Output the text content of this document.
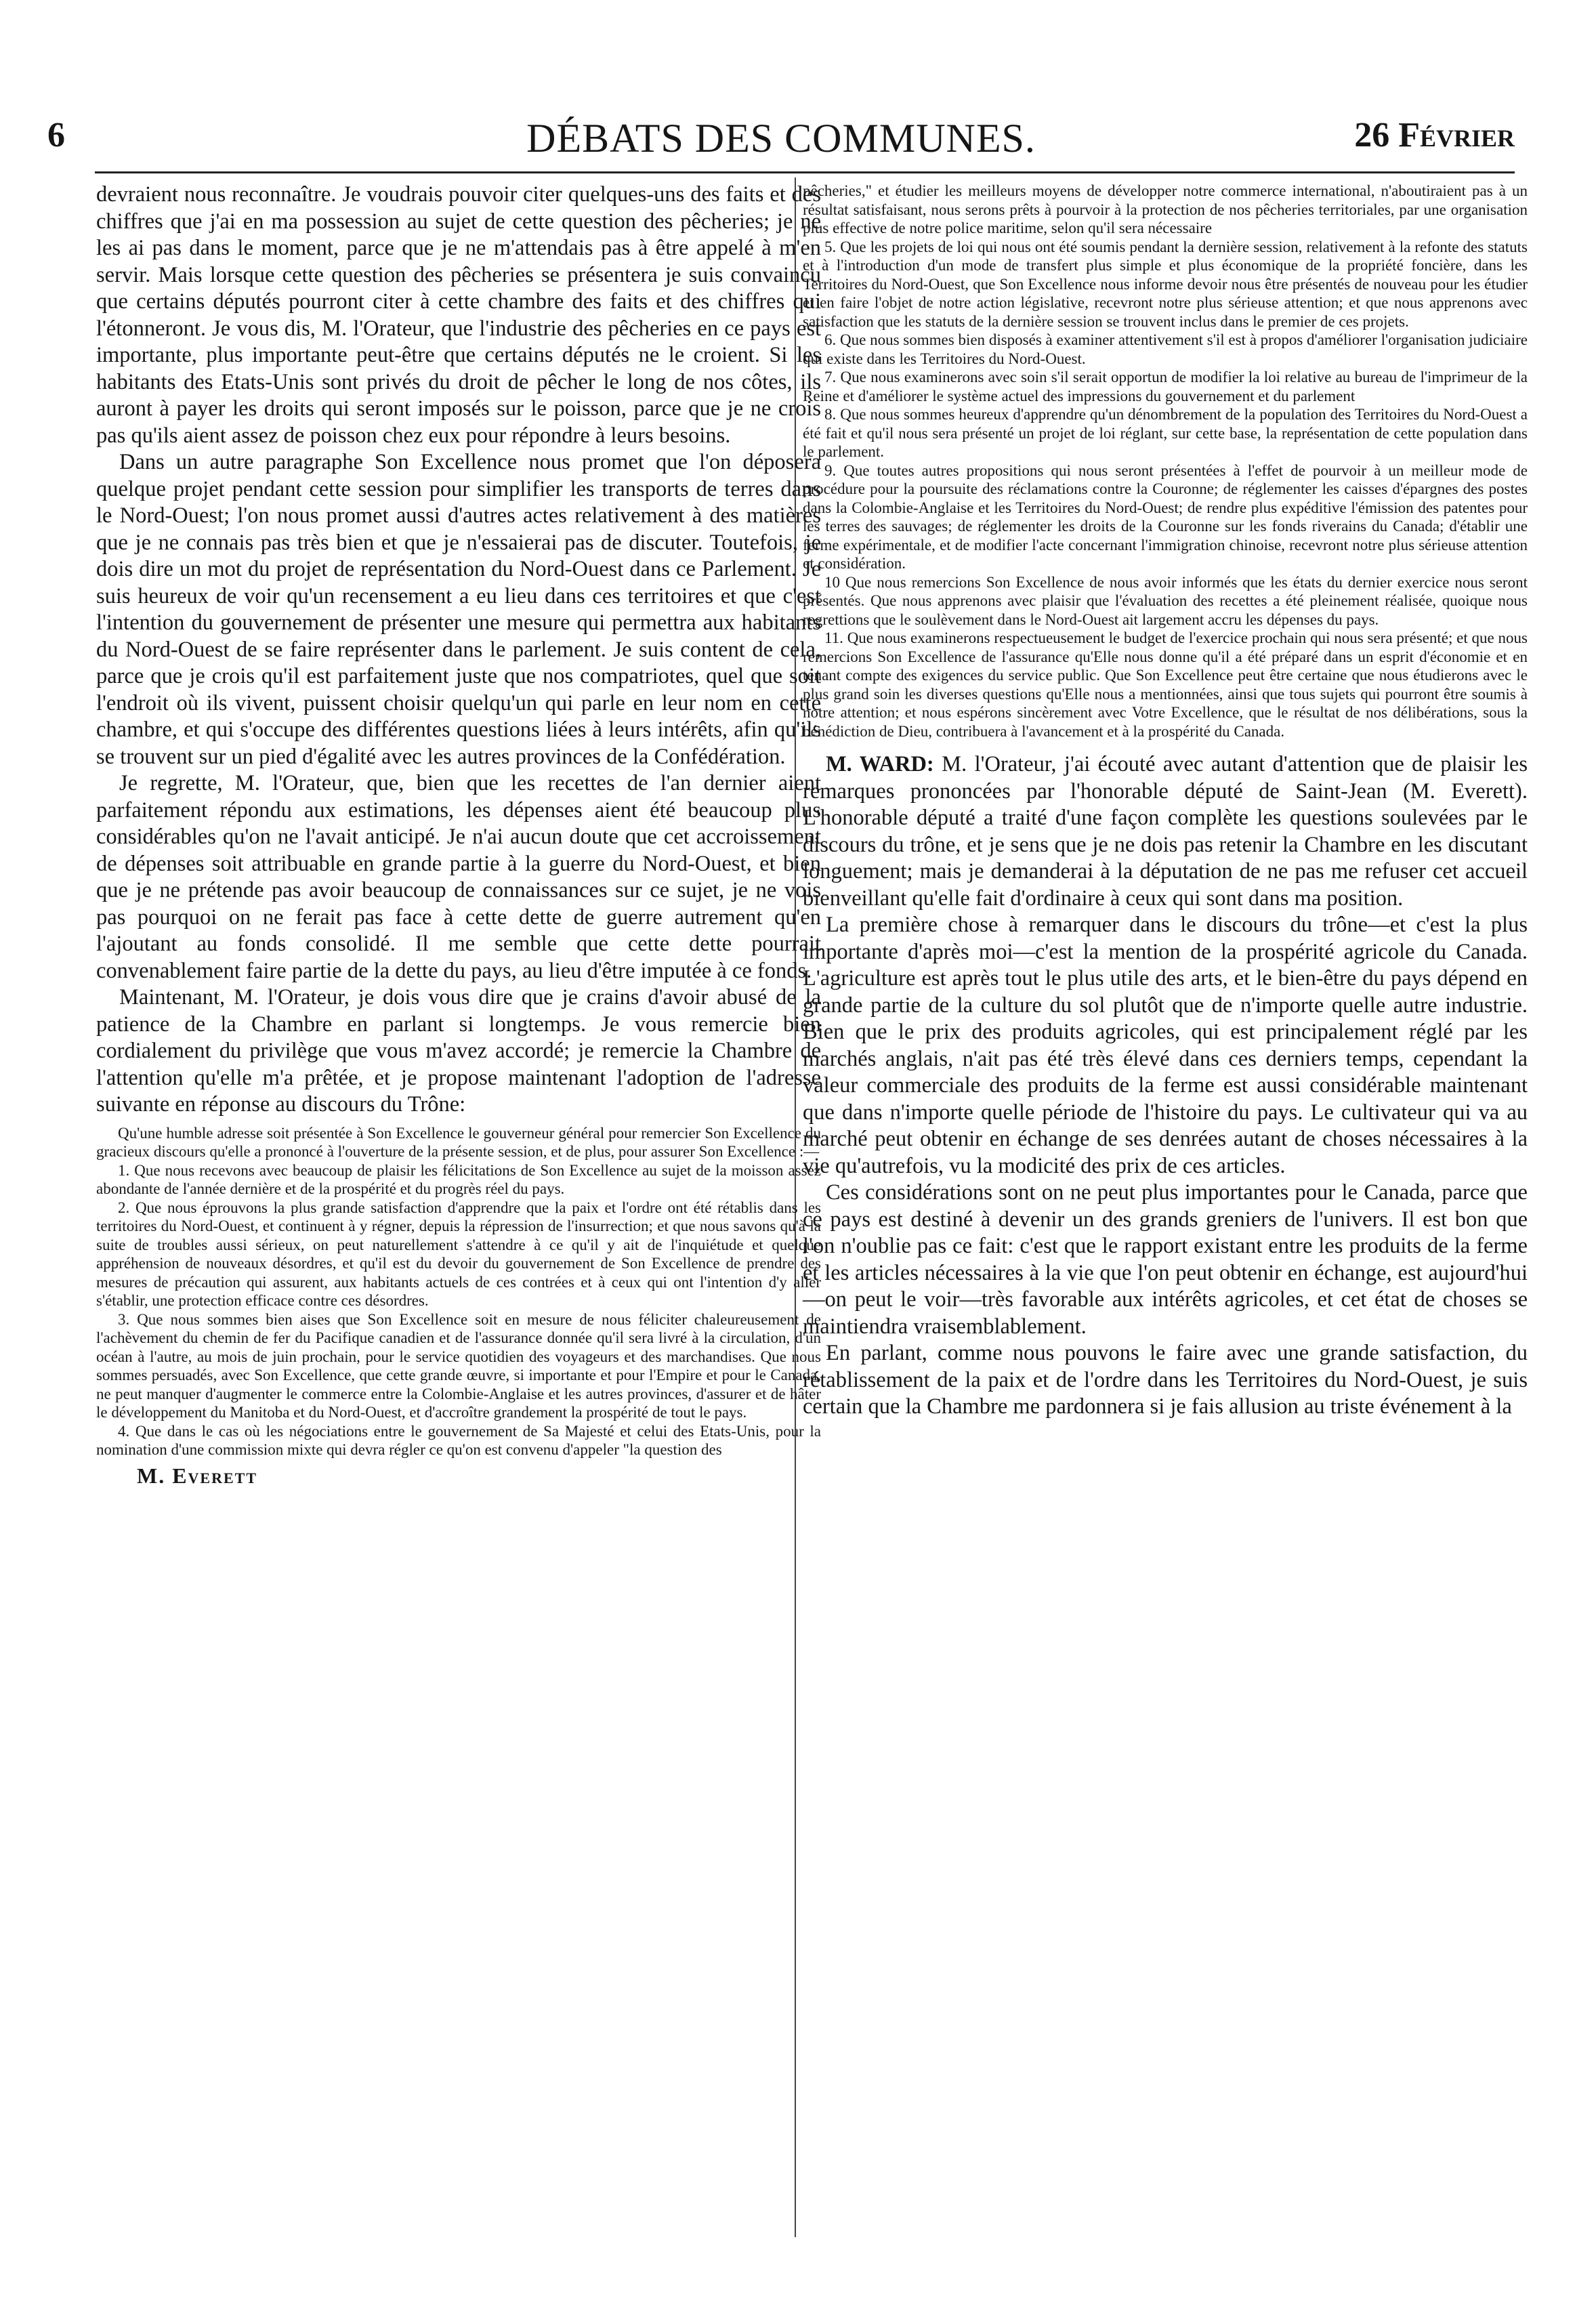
6	DÉBATS DES COMMUNES.	26 Février

devraient nous reconnaître. Je voudrais pouvoir citer quelques-uns des faits et des chiffres que j'ai en ma possession au sujet de cette question des pêcheries; je ne les ai pas dans le moment, parce que je ne m'attendais pas à être appelé à m'en servir. Mais lorsque cette question des pêcheries se présentera je suis convaincu que certains députés pourront citer à cette chambre des faits et des chiffres qui l'étonneront. Je vous dis, M. l'Orateur, que l'industrie des pêcheries en ce pays est importante, plus importante peut-être que certains députés ne le croient. Si les habitants des Etats-Unis sont privés du droit de pêcher le long de nos côtes, ils auront à payer les droits qui seront imposés sur le poisson, parce que je ne crois pas qu'ils aient assez de poisson chez eux pour répondre à leurs besoins.

Dans un autre paragraphe Son Excellence nous promet que l'on déposera quelque projet pendant cette session pour simplifier les transports de terres dans le Nord-Ouest; l'on nous promet aussi d'autres actes relativement à des matières que je ne connais pas très bien et que je n'essaierai pas de discuter. Toutefois, je dois dire un mot du projet de représentation du Nord-Ouest dans ce Parlement. Je suis heureux de voir qu'un recensement a eu lieu dans ces territoires et que c'est l'intention du gouvernement de présenter une mesure qui permettra aux habitants du Nord-Ouest de se faire représenter dans le parlement. Je suis content de cela, parce que je crois qu'il est parfaitement juste que nos compatriotes, quel que soit l'endroit où ils vivent, puissent choisir quelqu'un qui parle en leur nom en cette chambre, et qui s'occupe des différentes questions liées à leurs intérêts, afin qu'ils se trouvent sur un pied d'égalité avec les autres provinces de la Confédération.

Je regrette, M. l'Orateur, que, bien que les recettes de l'an dernier aient parfaitement répondu aux estimations, les dépenses aient été beaucoup plus considérables qu'on ne l'avait anticipé. Je n'ai aucun doute que cet accroissement de dépenses soit attribuable en grande partie à la guerre du Nord-Ouest, et bien que je ne prétende pas avoir beaucoup de connaissances sur ce sujet, je ne vois pas pourquoi on ne ferait pas face à cette dette de guerre autrement qu'en l'ajoutant au fonds consolidé. Il me semble que cette dette pourrait convenablement faire partie de la dette du pays, au lieu d'être imputée à ce fonds.

Maintenant, M. l'Orateur, je dois vous dire que je crains d'avoir abusé de la patience de la Chambre en parlant si longtemps. Je vous remercie bien cordialement du privilège que vous m'avez accordé; je remercie la Chambre de l'attention qu'elle m'a prêtée, et je propose maintenant l'adoption de l'adresse suivante en réponse au discours du Trône:

Qu'une humble adresse soit présentée à Son Excellence le gouverneur général pour remercier Son Excellence du gracieux discours qu'elle a prononcé à l'ouverture de la présente session, et de plus, pour assurer Son Excellence :—

1. Que nous recevons avec beaucoup de plaisir les félicitations de Son Excellence au sujet de la moisson assez abondante de l'année dernière et de la prospérité et du progrès réel du pays.

2. Que nous éprouvons la plus grande satisfaction d'apprendre que la paix et l'ordre ont été rétablis dans les territoires du Nord-Ouest, et continuent à y régner, depuis la répression de l'insurrection; et que nous savons qu'à la suite de troubles aussi sérieux, on peut naturellement s'attendre à ce qu'il y ait de l'inquiétude et quelque appréhension de nouveaux désordres, et qu'il est du devoir du gouvernement de Son Excellence de prendre des mesures de précaution qui assurent, aux habitants actuels de ces contrées et à ceux qui ont l'intention d'y aller s'établir, une protection efficace contre ces désordres.

3. Que nous sommes bien aises que Son Excellence soit en mesure de nous féliciter chaleureusement de l'achèvement du chemin de fer du Pacifique canadien et de l'assurance donnée qu'il sera livré à la circulation, d'un océan à l'autre, au mois de juin prochain, pour le service quotidien des voyageurs et des marchandises. Que nous sommes persuadés, avec Son Excellence, que cette grande œuvre, si importante et pour l'Empire et pour le Canada, ne peut manquer d'augmenter le commerce entre la Colombie-Anglaise et les autres provinces, d'assurer et de hâter le développement du Manitoba et du Nord-Ouest, et d'accroître grandement la prospérité de tout le pays.

4. Que dans le cas où les négociations entre le gouvernement de Sa Majesté et celui des Etats-Unis, pour la nomination d'une commission mixte qui devra régler ce qu'on est convenu d'appeler "la question des

M. Everett

pêcheries," et étudier les meilleurs moyens de développer notre commerce international, n'aboutiraient pas à un résultat satisfaisant, nous serons prêts à pourvoir à la protection de nos pêcheries territoriales, par une organisation plus effective de notre police maritime, selon qu'il sera nécessaire

5. Que les projets de loi qui nous ont été soumis pendant la dernière session, relativement à la refonte des statuts et à l'introduction d'un mode de transfert plus simple et plus économique de la propriété foncière, dans les Territoires du Nord-Ouest, que Son Excellence nous informe devoir nous être présentés de nouveau pour les étudier et en faire l'objet de notre action législative, recevront notre plus sérieuse attention; et que nous apprenons avec satisfaction que les statuts de la dernière session se trouvent inclus dans le premier de ces projets.

6. Que nous sommes bien disposés à examiner attentivement s'il est à propos d'améliorer l'organisation judiciaire qui existe dans les Territoires du Nord-Ouest.

7. Que nous examinerons avec soin s'il serait opportun de modifier la loi relative au bureau de l'imprimeur de la Reine et d'améliorer le système actuel des impressions du gouvernement et du parlement

8. Que nous sommes heureux d'apprendre qu'un dénombrement de la population des Territoires du Nord-Ouest a été fait et qu'il nous sera présenté un projet de loi réglant, sur cette base, la représentation de cette population dans le parlement.

9. Que toutes autres propositions qui nous seront présentées à l'effet de pourvoir à un meilleur mode de procédure pour la poursuite des réclamations contre la Couronne; de réglementer les caisses d'épargnes des postes dans la Colombie-Anglaise et les Territoires du Nord-Ouest; de rendre plus expéditive l'émission des patentes pour les terres des sauvages; de réglementer les droits de la Couronne sur les fonds riverains du Canada; d'établir une ferme expérimentale, et de modifier l'acte concernant l'immigration chinoise, recevront notre plus sérieuse attention et considération.

10 Que nous remercions Son Excellence de nous avoir informés que les états du dernier exercice nous seront présentés. Que nous apprenons avec plaisir que l'évaluation des recettes a été pleinement réalisée, quoique nous regrettions que le soulèvement dans le Nord-Ouest ait largement accru les dépenses du pays.

11. Que nous examinerons respectueusement le budget de l'exercice prochain qui nous sera présenté; et que nous remercions Son Excellence de l'assurance qu'Elle nous donne qu'il a été préparé dans un esprit d'économie et en tenant compte des exigences du service public. Que Son Excellence peut être certaine que nous étudierons avec le plus grand soin les diverses questions qu'Elle nous a mentionnées, ainsi que tous sujets qui pourront être soumis à notre attention; et nous espérons sincèrement avec Votre Excellence, que le résultat de nos délibérations, sous la bénédiction de Dieu, contribuera à l'avancement et à la prospérité du Canada.

M. WARD: M. l'Orateur, j'ai écouté avec autant d'attention que de plaisir les remarques prononcées par l'honorable député de Saint-Jean (M. Everett). L'honorable député a traité d'une façon complète les questions soulevées par le discours du trône, et je sens que je ne dois pas retenir la Chambre en les discutant longuement; mais je demanderai à la députation de ne pas me refuser cet accueil bienveillant qu'elle fait d'ordinaire à ceux qui sont dans ma position.

La première chose à remarquer dans le discours du trône—et c'est la plus importante d'après moi—c'est la mention de la prospérité agricole du Canada. L'agriculture est après tout le plus utile des arts, et le bien-être du pays dépend en grande partie de la culture du sol plutôt que de n'importe quelle autre industrie. Bien que le prix des produits agricoles, qui est principalement réglé par les marchés anglais, n'ait pas été très élevé dans ces derniers temps, cependant la valeur commerciale des produits de la ferme est aussi considérable maintenant que dans n'importe quelle période de l'histoire du pays. Le cultivateur qui va au marché peut obtenir en échange de ses denrées autant de choses nécessaires à la vie qu'autrefois, vu la modicité des prix de ces articles.

Ces considérations sont on ne peut plus importantes pour le Canada, parce que ce pays est destiné à devenir un des grands greniers de l'univers. Il est bon que l'on n'oublie pas ce fait: c'est que le rapport existant entre les produits de la ferme et les articles nécessaires à la vie que l'on peut obtenir en échange, est aujourd'hui—on peut le voir—très favorable aux intérêts agricoles, et cet état de choses se maintiendra vraisemblablement.

En parlant, comme nous pouvons le faire avec une grande satisfaction, du rétablissement de la paix et de l'ordre dans les Territoires du Nord-Ouest, je suis certain que la Chambre me pardonnera si je fais allusion au triste événement à la
